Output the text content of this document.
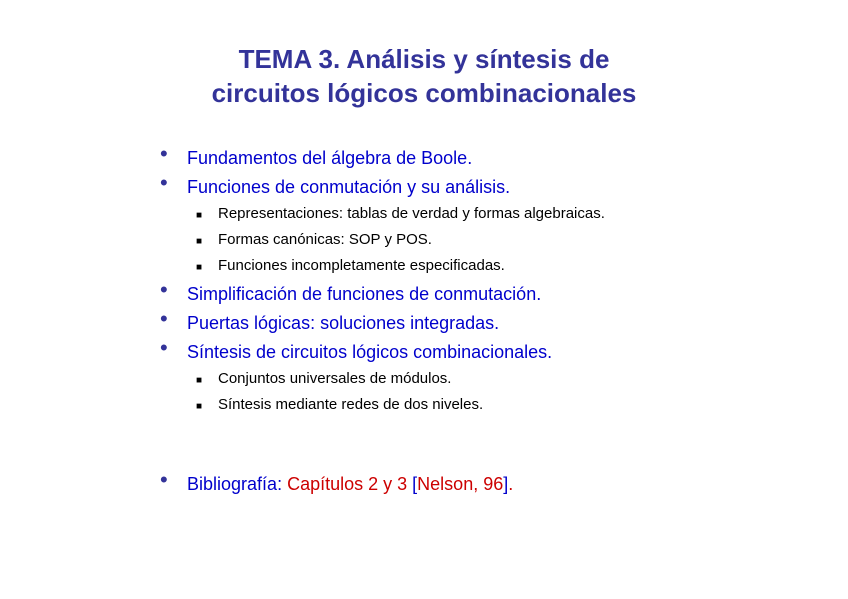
TEMA 3. Análisis y síntesis de
circuitos lógicos combinacionales
• Fundamentos del álgebra de Boole.
• Funciones de conmutación y su análisis.
■ Representaciones: tablas de verdad y formas algebraicas.
■ Formas canónicas: SOP y POS.
■ Funciones incompletamente especificadas.
• Simplificación de funciones de conmutación.
• Puertas lógicas: soluciones integradas.
• Síntesis de circuitos lógicos combinacionales.
■ Conjuntos universales de módulos.
■ Síntesis mediante redes de dos niveles.
• Bibliografía: Capítulos 2 y 3 [Nelson, 96].
